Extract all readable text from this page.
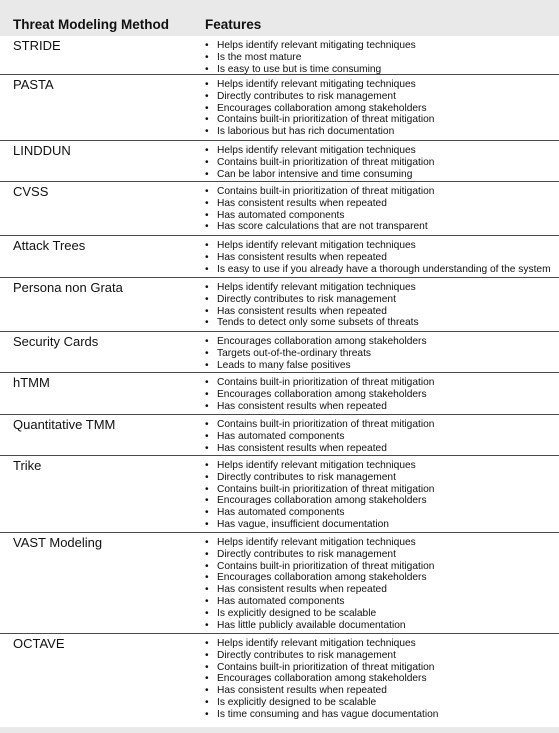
Threat Modeling Method	Features
STRIDE	• Helps identify relevant mitigating techniques
• Is the most mature
• Is easy to use but is time consuming
PASTA	• Helps identify relevant mitigating techniques
• Directly contributes to risk management
• Encourages collaboration among stakeholders
• Contains built-in prioritization of threat mitigation
• Is laborious but has rich documentation
LINDDUN	• Helps identify relevant mitigation techniques
• Contains built-in prioritization of threat mitigation
• Can be labor intensive and time consuming
CVSS	• Contains built-in prioritization of threat mitigation
• Has consistent results when repeated
• Has automated components
• Has score calculations that are not transparent
Attack Trees	• Helps identify relevant mitigation techniques
• Has consistent results when repeated
• Is easy to use if you already have a thorough understanding of the system
Persona non Grata	• Helps identify relevant mitigation techniques
• Directly contributes to risk management
• Has consistent results when repeated
• Tends to detect only some subsets of threats
Security Cards	• Encourages collaboration among stakeholders
• Targets out-of-the-ordinary threats
• Leads to many false positives
hTMM	• Contains built-in prioritization of threat mitigation
• Encourages collaboration among stakeholders
• Has consistent results when repeated
Quantitative TMM	• Contains built-in prioritization of threat mitigation
• Has automated components
• Has consistent results when repeated
Trike	• Helps identify relevant mitigation techniques
• Directly contributes to risk management
• Contains built-in prioritization of threat mitigation
• Encourages collaboration among stakeholders
• Has automated components
• Has vague, insufficient documentation
VAST Modeling	• Helps identify relevant mitigation techniques
• Directly contributes to risk management
• Contains built-in prioritization of threat mitigation
• Encourages collaboration among stakeholders
• Has consistent results when repeated
• Has automated components
• Is explicitly designed to be scalable
• Has little publicly available documentation
OCTAVE	• Helps identify relevant mitigation techniques
• Directly contributes to risk management
• Contains built-in prioritization of threat mitigation
• Encourages collaboration among stakeholders
• Has consistent results when repeated
• Is explicitly designed to be scalable
• Is time consuming and has vague documentation
